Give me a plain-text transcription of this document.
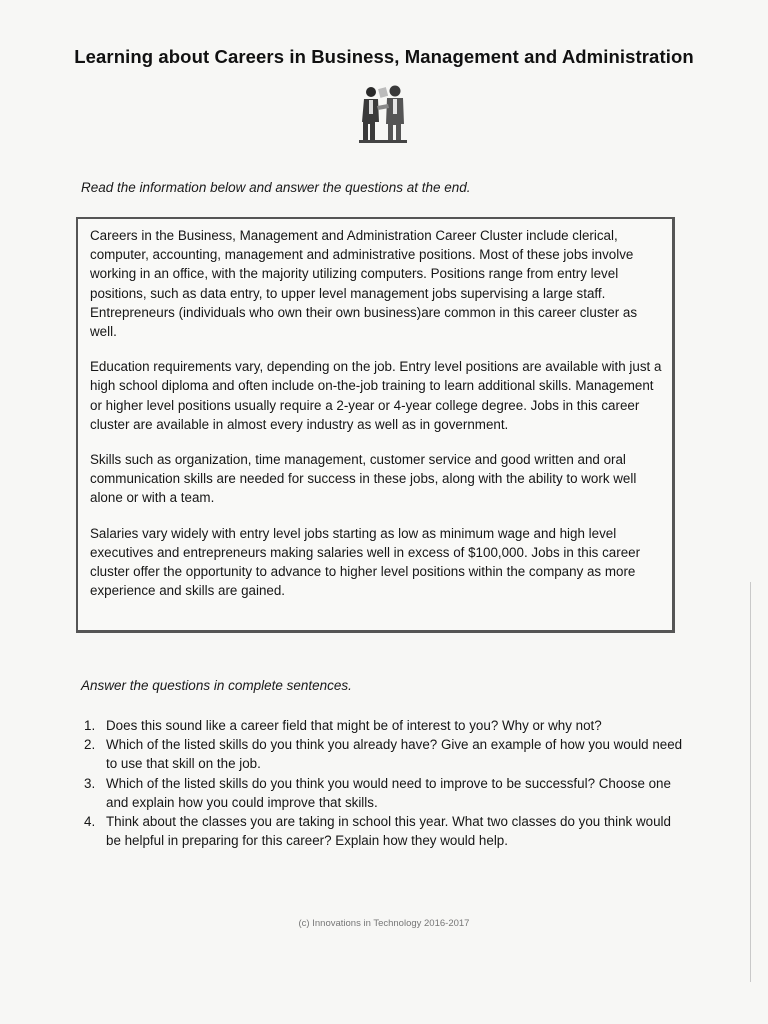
Learning about Careers in Business, Management and Administration
Read the information below and answer the questions at the end.

Careers in the Business, Management and Administration Career Cluster include clerical, computer, accounting, management and administrative positions. Most of these jobs involve working in an office, with the majority utilizing computers. Positions range from entry level positions, such as data entry, to upper level management jobs supervising a large staff. Entrepreneurs (individuals who own their own business)are common in this career cluster as well.

Education requirements vary, depending on the job. Entry level positions are available with just a high school diploma and often include on-the-job training to learn additional skills. Management or higher level positions usually require a 2-year or 4-year college degree. Jobs in this career cluster are available in almost every industry as well as in government.

Skills such as organization, time management, customer service and good written and oral communication skills are needed for success in these jobs, along with the ability to work well alone or with a team.

Salaries vary widely with entry level jobs starting as low as minimum wage and high level executives and entrepreneurs making salaries well in excess of $100,000. Jobs in this career cluster offer the opportunity to advance to higher level positions within the company as more experience and skills are gained.

Answer the questions in complete sentences.
1. Does this sound like a career field that might be of interest to you? Why or why not?
2. Which of the listed skills do you think you already have? Give an example of how you would need to use that skill on the job.
3. Which of the listed skills do you think you would need to improve to be successful? Choose one and explain how you could improve that skills.
4. Think about the classes you are taking in school this year. What two classes do you think would be helpful in preparing for this career? Explain how they would help.
(c) Innovations in Technology 2016-2017
